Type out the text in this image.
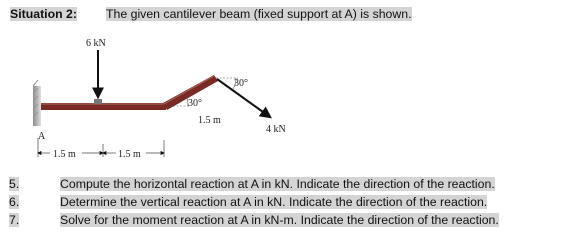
Situation 2: The given cantilever beam (fixed support at A) is shown.
6 kN
4 kN
30°
30°
1.5 m
A
1.5 m	1.5 m
5.	Compute the horizontal reaction at A in kN. Indicate the direction of the reaction.
6.	Determine the vertical reaction at A in kN. Indicate the direction of the reaction.
7.	Solve for the moment reaction at A in kN-m. Indicate the direction of the reaction.
